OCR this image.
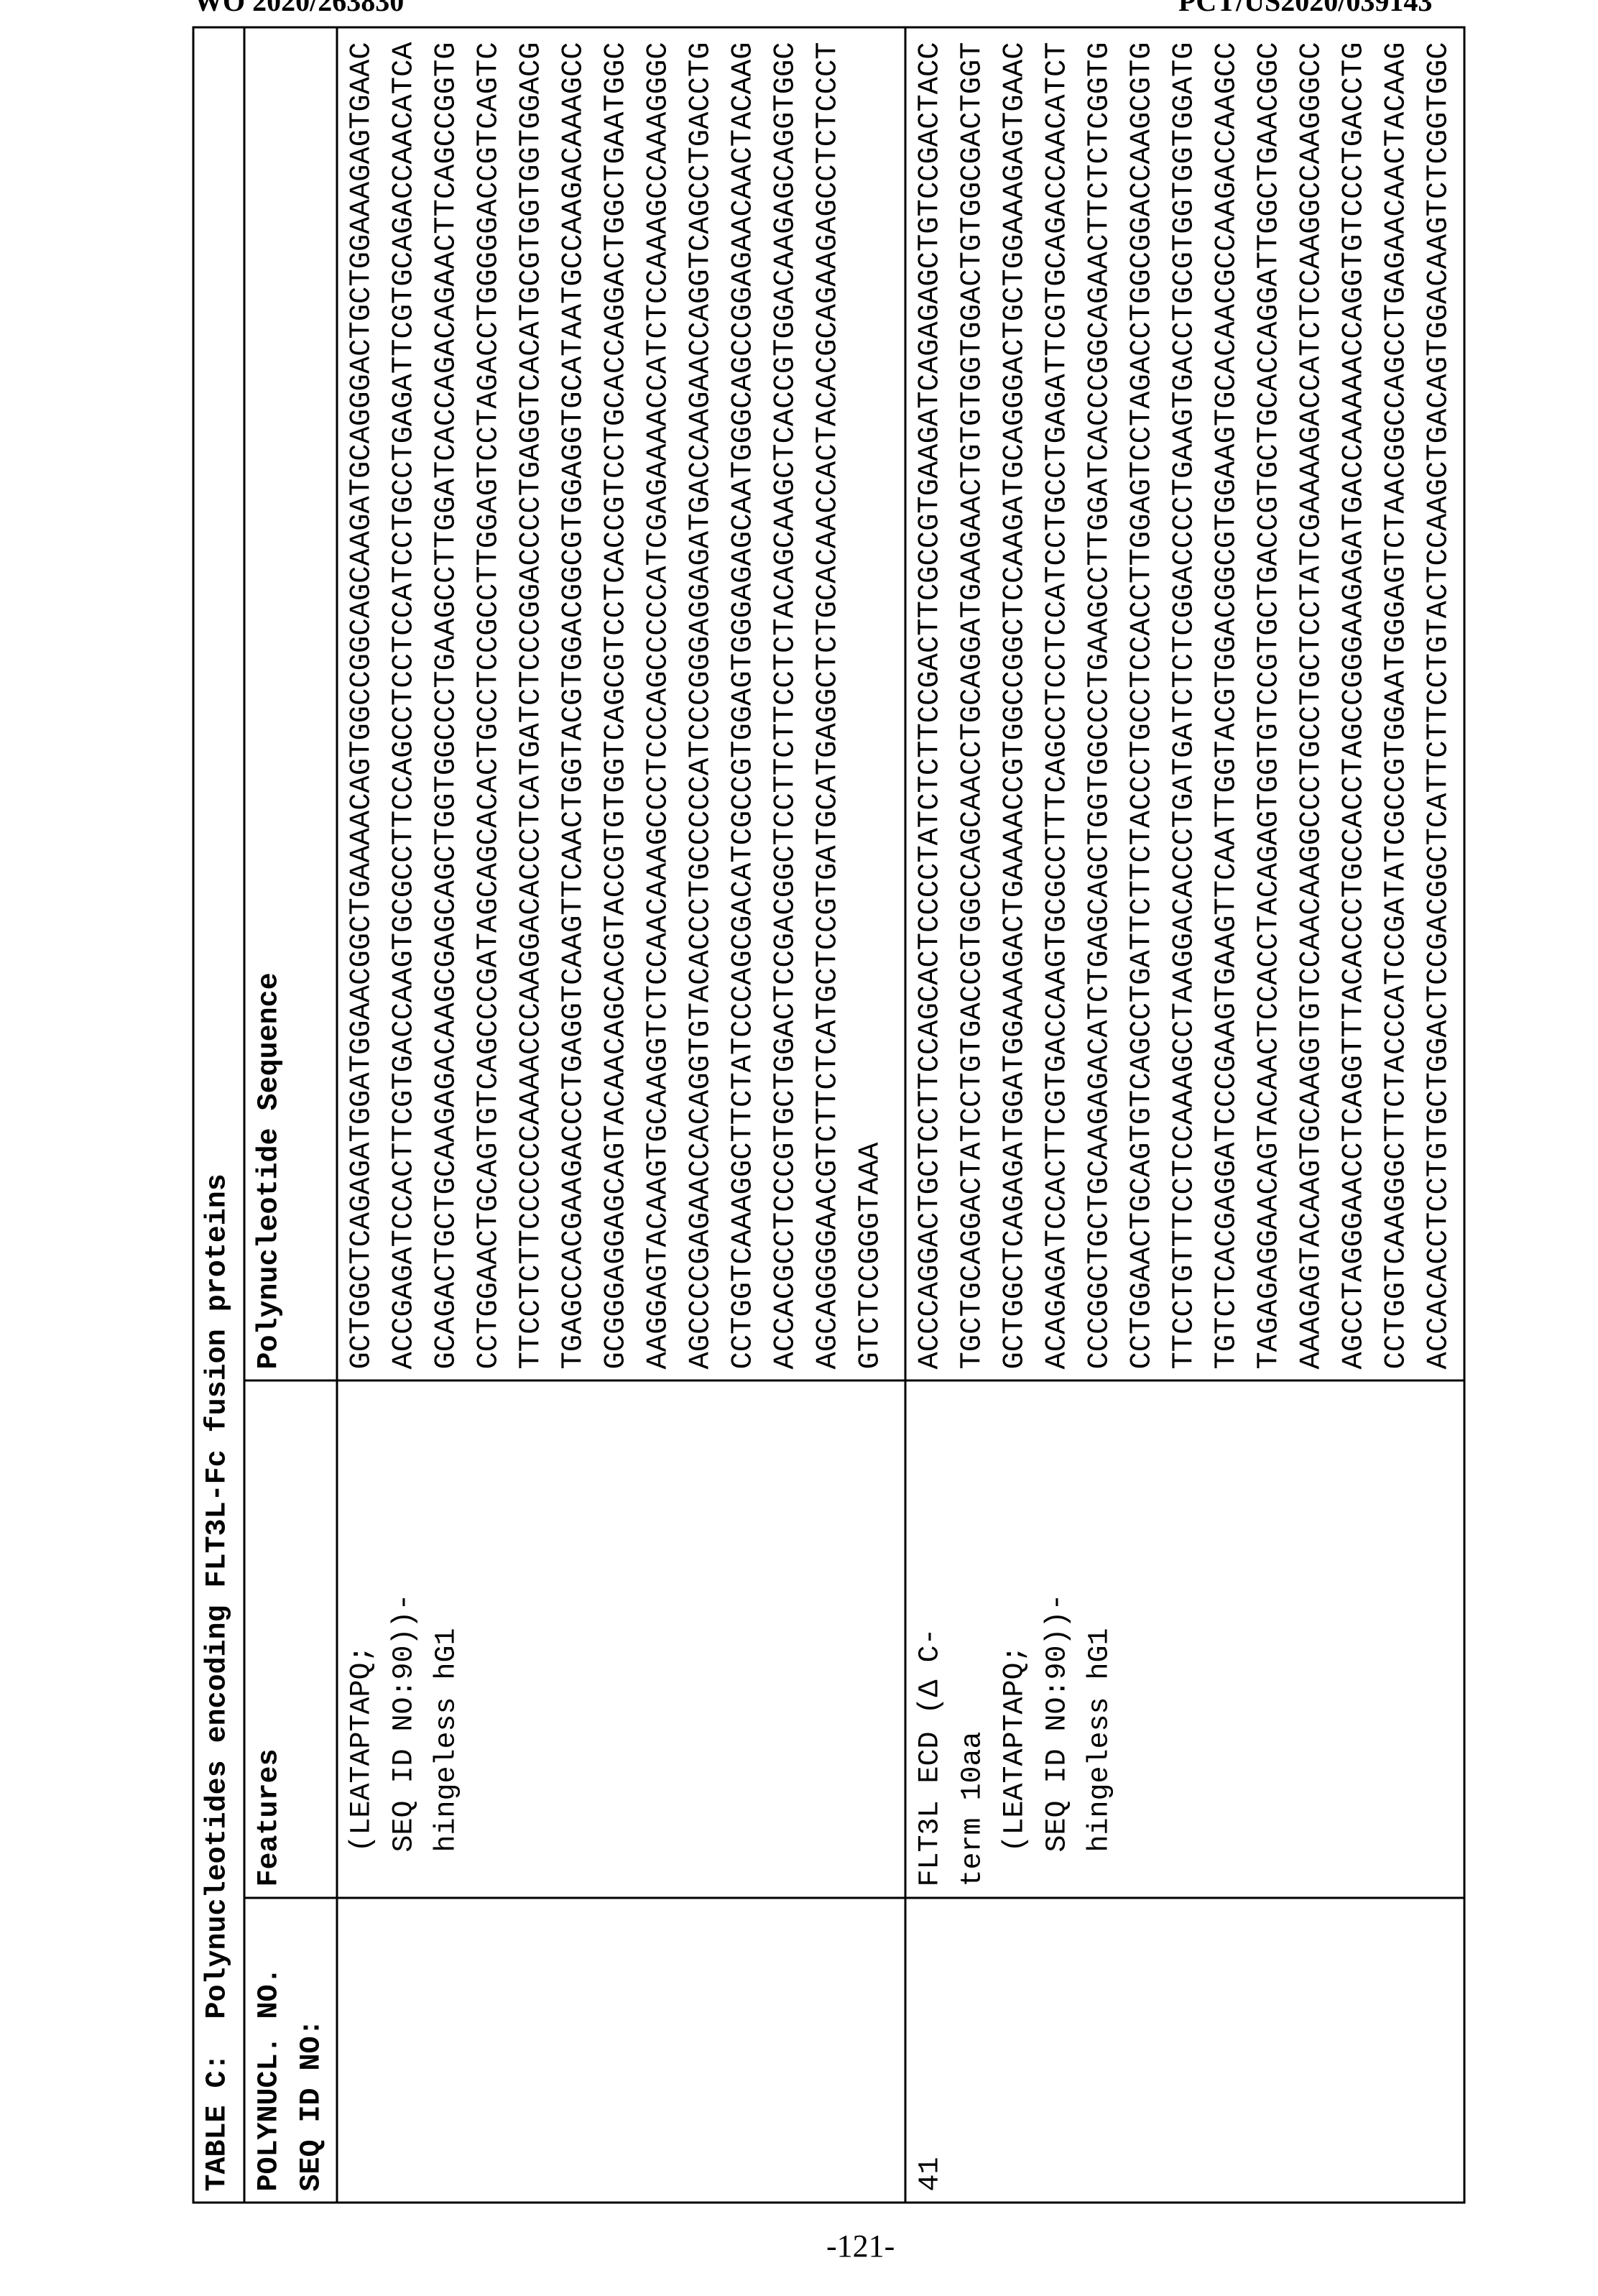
WO 2020/263830	PCT/US2020/039143
TABLE C:  Polynucleotides encoding FLT3L-Fc fusion proteinsPOLYNUCL. NO.
SEQ ID NO:	Features	Polynucleotide Sequence
	(LEATAPTAPQ;
SEQ ID NO:90))-
hingeless hG1	GCTGGCTCAGAGATGGATGGAACGGCTGAAAACAGTGGCCGGCAGCAAGATGCAGGGACTGCTGGAAAGAGTGAAC
ACCGAGATCCACTTCGTGACCAAGTGCGCCTTCCAGCCTCCTCCATCCTGCCTGAGATTCGTGCAGACCAACATCA
GCAGACTGCTGCAAGAGACAAGCGAGCAGCTGGTGGCCCTGAAGCCTTGGATCACCAGACAGAACTTCAGCCGGTG
CCTGGAACTGCAGTGTCAGCCCGATAGCAGCACACTGCCTCCGCCTTGGAGTCCTAGACCTGGGGGACCGTCAGTC
TTCCTCTTCCCCCCAAAACCCAAGGACACCCTCATGATCTCCCGGACCCCTGAGGTCACATGCGTGGTGGTGGACG
TGAGCCACGAAGACCCTGAGGTCAAGTTCAACTGGTACGTGGACGGCGTGGAGGTGCATAATGCCAAGACAAAGCC
GCGGGAGGAGCAGTACAACAGCACGTACCGTGTGGTCAGCGTCCTCACCGTCCTGCACCAGGACTGGCTGAATGGC
AAGGAGTACAAGTGCAAGGTCTCCAACAAAGCCCTCCCAGCCCCCATCGAGAAAACCATCTCCAAAGCCAAAGGGC
AGCCCCGAGAACCACAGGTGTACACCCTGCCCCCATCCCGGGAGGAGATGACCAAGAACCAGGTCAGCCTGACCTG
CCTGGTCAAAGGCTTCTATCCCAGCGACATCGCCGTGGAGTGGGAGAGCAATGGGCAGCCGGAGAACAACTACAAG
ACCACGCCTCCCGTGCTGGACTCCGACGGCTCCTTCTTCCTCTACAGCAAGCTCACCGTGGACAAGAGCAGGTGGC
AGCAGGGGAACGTCTTCTCATGCTCCGTGATGCATGAGGCTCTGCACAACCACTACACGCAGAAGAGCCTCTCCCT
GTCTCCGGGTAAA
41	FLT3L ECD (Δ C-
term 10aa
(LEATAPTAPQ;
SEQ ID NO:90))-
hingeless hG1	ACCCAGGACTGCTCCTTCCAGCACTCCCCTATCTCTTCCGACTTCGCCGTGAAGATCAGAGAGCTGTCCGACTACC
TGCTGCAGGACTATCCTGTGACCGTGGCCAGCAACCTGCAGGATGAAGAACTGTGTGGTGGACTGTGGCGACTGGT
GCTGGCTCAGAGATGGATGGAAAGACTGAAAACCGTGGCCGGCTCCAAGATGCAGGGACTGCTGGAAAGAGTGAAC
ACAGAGATCCACTTCGTGACCAAGTGCGCCTTTCAGCCTCCTCCATCCTGCCTGAGATTCGTGCAGACCAACATCT
CCCGGCTGCTGCAAGAGACATCTGAGCAGCTGGTGGCCCTGAAGCCTTGGATCACCCGGCAGAACTTCTCTCGGTG
CCTGGAACTGCAGTGTCAGCCTGATTCTTCTACCCTGCCTCCACCTTGGAGTCCTAGACCTGGCGGACCAAGCGTG
TTCCTGTTTCCTCCAAAGCCTAAGGACACCCTGATGATCTCTCGGACCCCTGAAGTGACCTGCGTGGTGGTGGATG
TGTCTCACGAGGATCCCGAAGTGAAGTTCAATTGGTACGTGGACGGCGTGGAAGTGCACAACGCCAAGACCAAGCC
TAGAGAGGAACAGTACAACTCCACCTACAGAGTGGTGTCCGTGCTGACCGTGCTGCACCAGGATTGGCTGAACGGC
AAAGAGTACAAGTGCAAGGTGTCCAACAAGGCCCTGCCTGCTCCTATCGAAAAGACCATCTCCAAGGCCAAGGGCC
AGCCTAGGGAACCTCAGGTTTACACCCTGCCACCTAGCCGGGAAGAGATGACCAAAAACCAGGTGTCCCTGACCTG
CCTGGTCAAGGGCTTCTACCCATCCGATATCGCCGTGGAATGGGAGTCTAACGGCCAGCCTGAGAACAACTACAAG
ACCACACCTCCTGTGCTGGACTCCGACGGCTCATTCTTCCTGTACTCCAAGCTGACAGTGGACAAGTCTCGGTGGC
-121-
